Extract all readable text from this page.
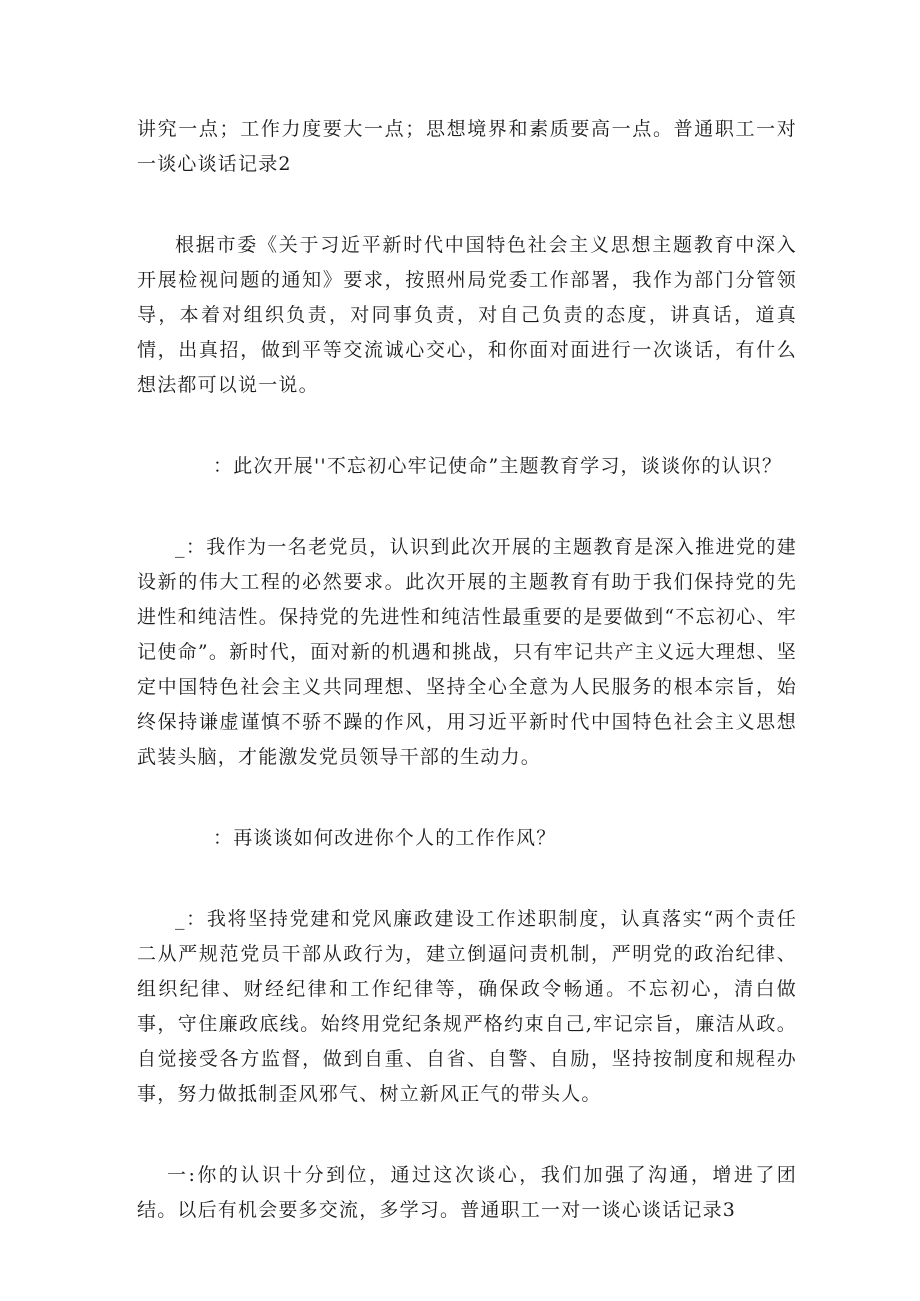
讲究一点；工作力度要大一点；思想境界和素质要高一点。普通职工一对一谈心谈话记录2

根据市委《关于习近平新时代中国特色社会主义思想主题教育中深入开展检视问题的通知》要求，按照州局党委工作部署，我作为部门分管领导，本着对组织负责，对同事负责，对自己负责的态度，讲真话，道真情，出真招，做到平等交流诚心交心，和你面对面进行一次谈话，有什么想法都可以说一说。

：此次开展''不忘初心牢记使命”主题教育学习，谈谈你的认识？

_：我作为一名老党员，认识到此次开展的主题教育是深入推进党的建设新的伟大工程的必然要求。此次开展的主题教育有助于我们保持党的先进性和纯洁性。保持党的先进性和纯洁性最重要的是要做到“不忘初心、牢记使命”。新时代，面对新的机遇和挑战，只有牢记共产主义远大理想、坚定中国特色社会主义共同理想、坚持全心全意为人民服务的根本宗旨，始终保持谦虚谨慎不骄不躁的作风，用习近平新时代中国特色社会主义思想武装头脑，才能激发党员领导干部的生动力。

：再谈谈如何改进你个人的工作作风？

_：我将坚持党建和党风廉政建设工作述职制度，认真落实“两个责任二从严规范党员干部从政行为，建立倒逼问责机制，严明党的政治纪律、组织纪律、财经纪律和工作纪律等，确保政令畅通。不忘初心，清白做事，守住廉政底线。始终用党纪条规严格约束自己,牢记宗旨，廉洁从政。自觉接受各方监督，做到自重、自省、自警、自励，坚持按制度和规程办事，努力做抵制歪风邪气、树立新风正气的带头人。

一:你的认识十分到位，通过这次谈心，我们加强了沟通，增进了团结。以后有机会要多交流，多学习。普通职工一对一谈心谈话记录3
